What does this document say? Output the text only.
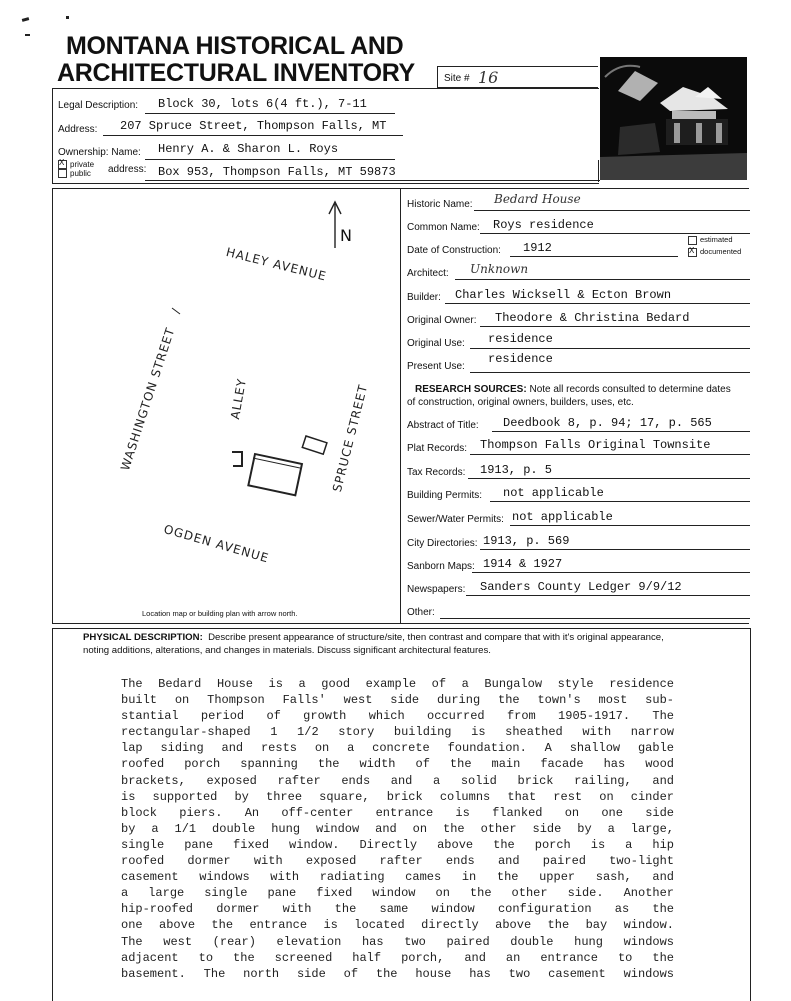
MONTANA HISTORICAL AND
ARCHITECTURAL INVENTORY	Site # 16
Legal Description: Block 30, lots 6(4 ft.), 7-11
Address: 207 Spruce Street, Thompson Falls, MT
Ownership: Name: Henry A. & Sharon L. Roys
X private
public address: Box 953, Thompson Falls, MT 59873
N
HALEY AVENUE
WASHINGTON STREET	ALLEY	SPRUCE STREET
OGDEN AVENUE
Location map or building plan with arrow north.
Historic Name: Bedard House
Common Name: Roys residence
Date of Construction: 1912
estimated
X documented
Architect: Unknown
Builder: Charles Wicksell & Ecton Brown
Original Owner: Theodore & Christina Bedard
Original Use: residence
Present Use:
residence
RESEARCH SOURCES: Note all records consulted to determine dates
of construction, original owners, builders, uses, etc.
Abstract of Title: Deedbook 8, p. 94; 17, p. 565
Plat Records: Thompson Falls Original Townsite
Tax Records: 1913, p. 5
Building Permits: not applicable
Sewer/Water Permits: not applicable
City Directories: 1913, p. 569
Sanborn Maps: 1914 & 1927
Newspapers: Sanders County Ledger 9/9/12
Other:
PHYSICAL DESCRIPTION: Describe present appearance of structure/site, then contrast and compare that with it's original appearance,
noting additions, alterations, and changes in materials. Discuss significant architectural features.
The Bedard House is a good example of a Bungalow style residence
built on Thompson Falls' west side during the town's most sub-
stantial period of growth which occurred from 1905-1917. The
rectangular-shaped 1 1/2 story building is sheathed with narrow
lap siding and rests on a concrete foundation. A shallow gable
roofed porch spanning the width of the main facade has wood
brackets, exposed rafter ends and a solid brick railing, and
is supported by three square, brick columns that rest on cinder
block piers. An off-center entrance is flanked on one side
by a 1/1 double hung window and on the other side by a large,
single pane fixed window. Directly above the porch is a hip
roofed dormer with exposed rafter ends and paired two-light
casement windows with radiating cames in the upper sash, and
a large single pane fixed window on the other side. Another
hip-roofed dormer with the same window configuration as the
one above the entrance is located directly above the bay window.
The west (rear) elevation has two paired double hung windows
adjacent to the screened half porch, and an entrance to the
basement. The north side of the house has two casement windows
